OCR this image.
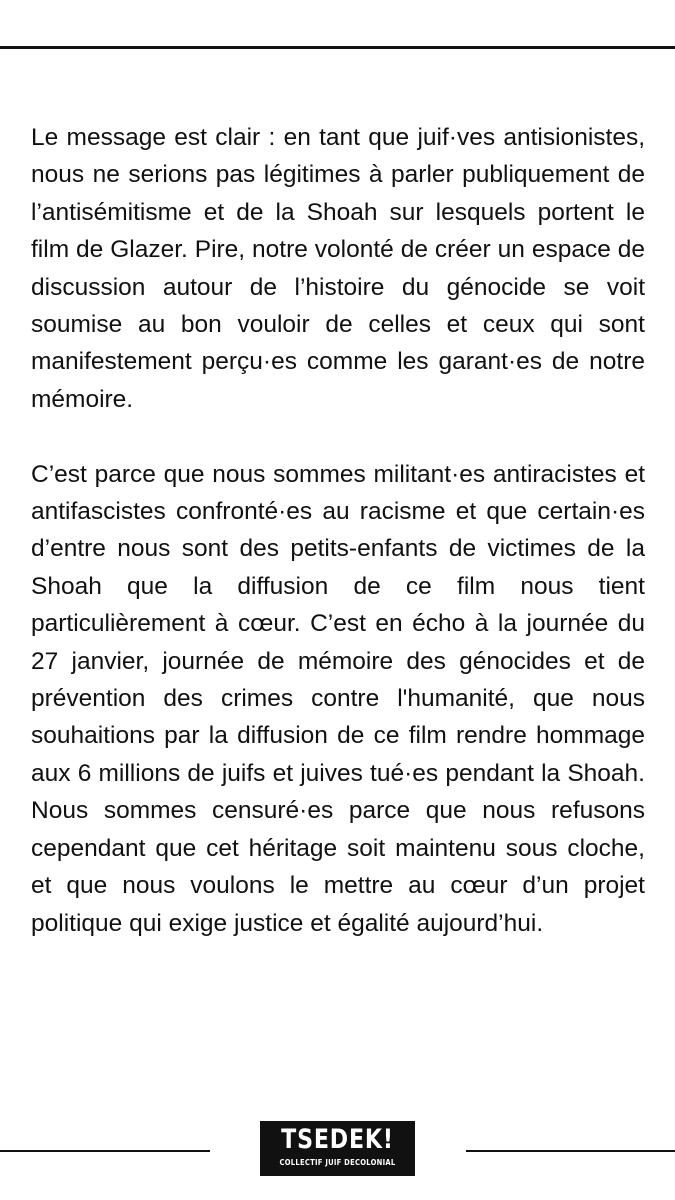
Le message est clair : en tant que juif·ves antisionistes, nous ne serions pas légitimes à parler publiquement de l’antisémitisme et de la Shoah sur lesquels portent le film de Glazer. Pire, notre volonté de créer un espace de discussion autour de l’histoire du génocide se voit soumise au bon vouloir de celles et ceux qui sont manifestement perçu·es comme les garant·es de notre mémoire.

C’est parce que nous sommes militant·es antiracistes et antifascistes confronté·es au racisme et que certain·es d’entre nous sont des petits-enfants de victimes de la Shoah que la diffusion de ce film nous tient particulièrement à cœur. C’est en écho à la journée du 27 janvier, journée de mémoire des génocides et de prévention des crimes contre l'humanité, que nous souhaitions par la diffusion de ce film rendre hommage aux 6 millions de juifs et juives tué·es pendant la Shoah. Nous sommes censuré·es parce que nous refusons cependant que cet héritage soit maintenu sous cloche, et que nous voulons le mettre au cœur d’un projet politique qui exige justice et égalité aujourd’hui.

TSEDEK!
COLLECTIF JUIF DECOLONIAL
